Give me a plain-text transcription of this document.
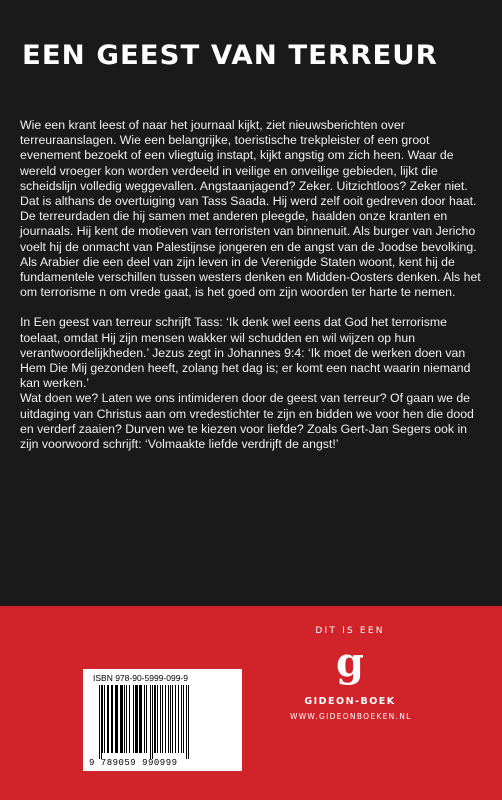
EEN GEEST VAN TERREUR

Wie een krant leest of naar het journaal kijkt, ziet nieuwsberichten over terreuraanslagen. Wie een belangrijke, toeristische trekpleister of een groot evenement bezoekt of een vliegtuig instapt, kijkt angstig om zich heen. Waar de wereld vroeger kon worden verdeeld in veilige en onveilige gebieden, lijkt die scheidslijn volledig weggevallen. Angstaanjagend? Zeker. Uitzichtloos? Zeker niet.

Dat is althans de overtuiging van Tass Saada. Hij werd zelf ooit gedreven door haat. De terreurdaden die hij samen met anderen pleegde, haalden onze kranten en journaals. Hij kent de motieven van terroristen van binnenuit. Als burger van Jericho voelt hij de onmacht van Palestijnse jongeren en de angst van de Joodse bevolking. Als Arabier die een deel van zijn leven in de Verenigde Staten woont, kent hij de fundamentele verschillen tussen westers denken en Midden-Oosters denken. Als het om terrorisme n om vrede gaat, is het goed om zijn woorden ter harte te nemen.

In Een geest van terreur schrijft Tass: ‘Ik denk wel eens dat God het terrorisme toelaat, omdat Hij zijn mensen wakker wil schudden en wil wijzen op hun verantwoordelijkheden.’ Jezus zegt in Johannes 9:4: ‘Ik moet de werken doen van Hem Die Mij gezonden heeft, zolang het dag is; er komt een nacht waarin niemand kan werken.’

Wat doen we? Laten we ons intimideren door de geest van terreur? Of gaan we de uitdaging van Christus aan om vredestichter te zijn en bidden we voor hen die dood en verderf zaaien? Durven we te kiezen voor liefde? Zoals Gert-Jan Segers ook in zijn voorwoord schrijft: ‘Volmaakte liefde verdrijft de angst!’

ISBN 978-90-5999-099-9
9 789059 990999
DIT IS EEN
g
GIDEON-BOEK
WWW.GIDEONBOEKEN.NL
